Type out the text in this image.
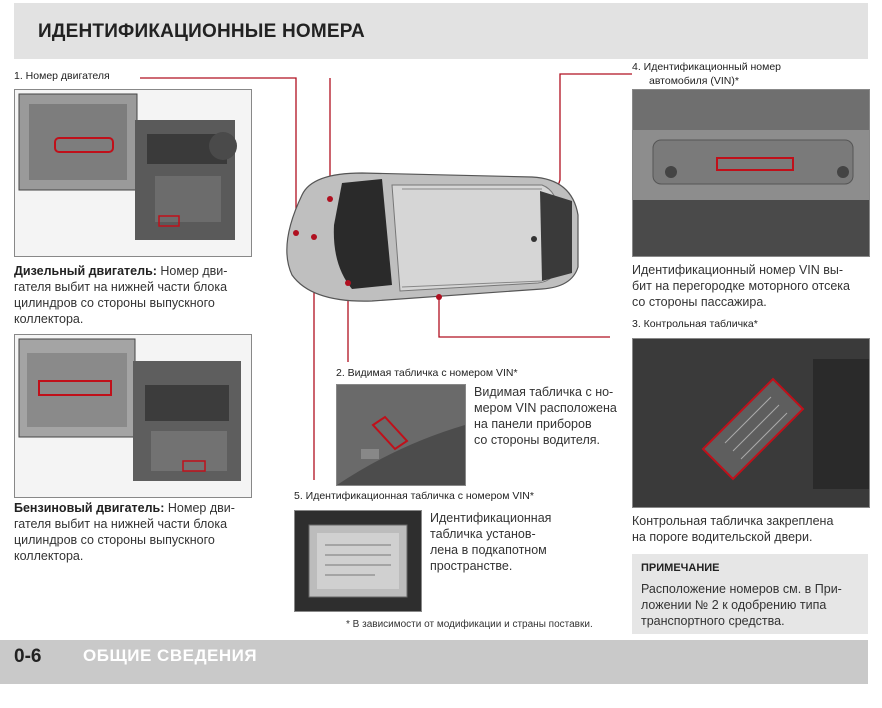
ИДЕНТИФИКАЦИОННЫЕ НОМЕРА
1. Номер двигателя
Дизельный двигатель: Номер дви-
гателя выбит на нижней части блока
цилиндров со стороны выпускного
коллектора.
Бензиновый двигатель: Номер дви-
гателя выбит на нижней части блока
цилиндров со стороны выпускного
коллектора.
4. Идентификационный номер
автомобиля (VIN)*
Идентификационный номер VIN вы-
бит на перегородке моторного отсека
со стороны пассажира.
3. Контрольная табличка*
Контрольная табличка закреплена
на пороге водительской двери.
2. Видимая табличка с номером VIN*
Видимая табличка с но-
мером VIN расположена
на панели приборов
со стороны водителя.
5. Идентификационная табличка с номером VIN*
Идентификационная
табличка установ-
лена в подкапотном
пространстве.
* В зависимости от модификации и страны поставки.
ПРИМЕЧАНИЕ
Расположение номеров см. в При-
ложении № 2 к одобрению типа
транспортного средства.
0-6 ОБЩИЕ СВЕДЕНИЯ
